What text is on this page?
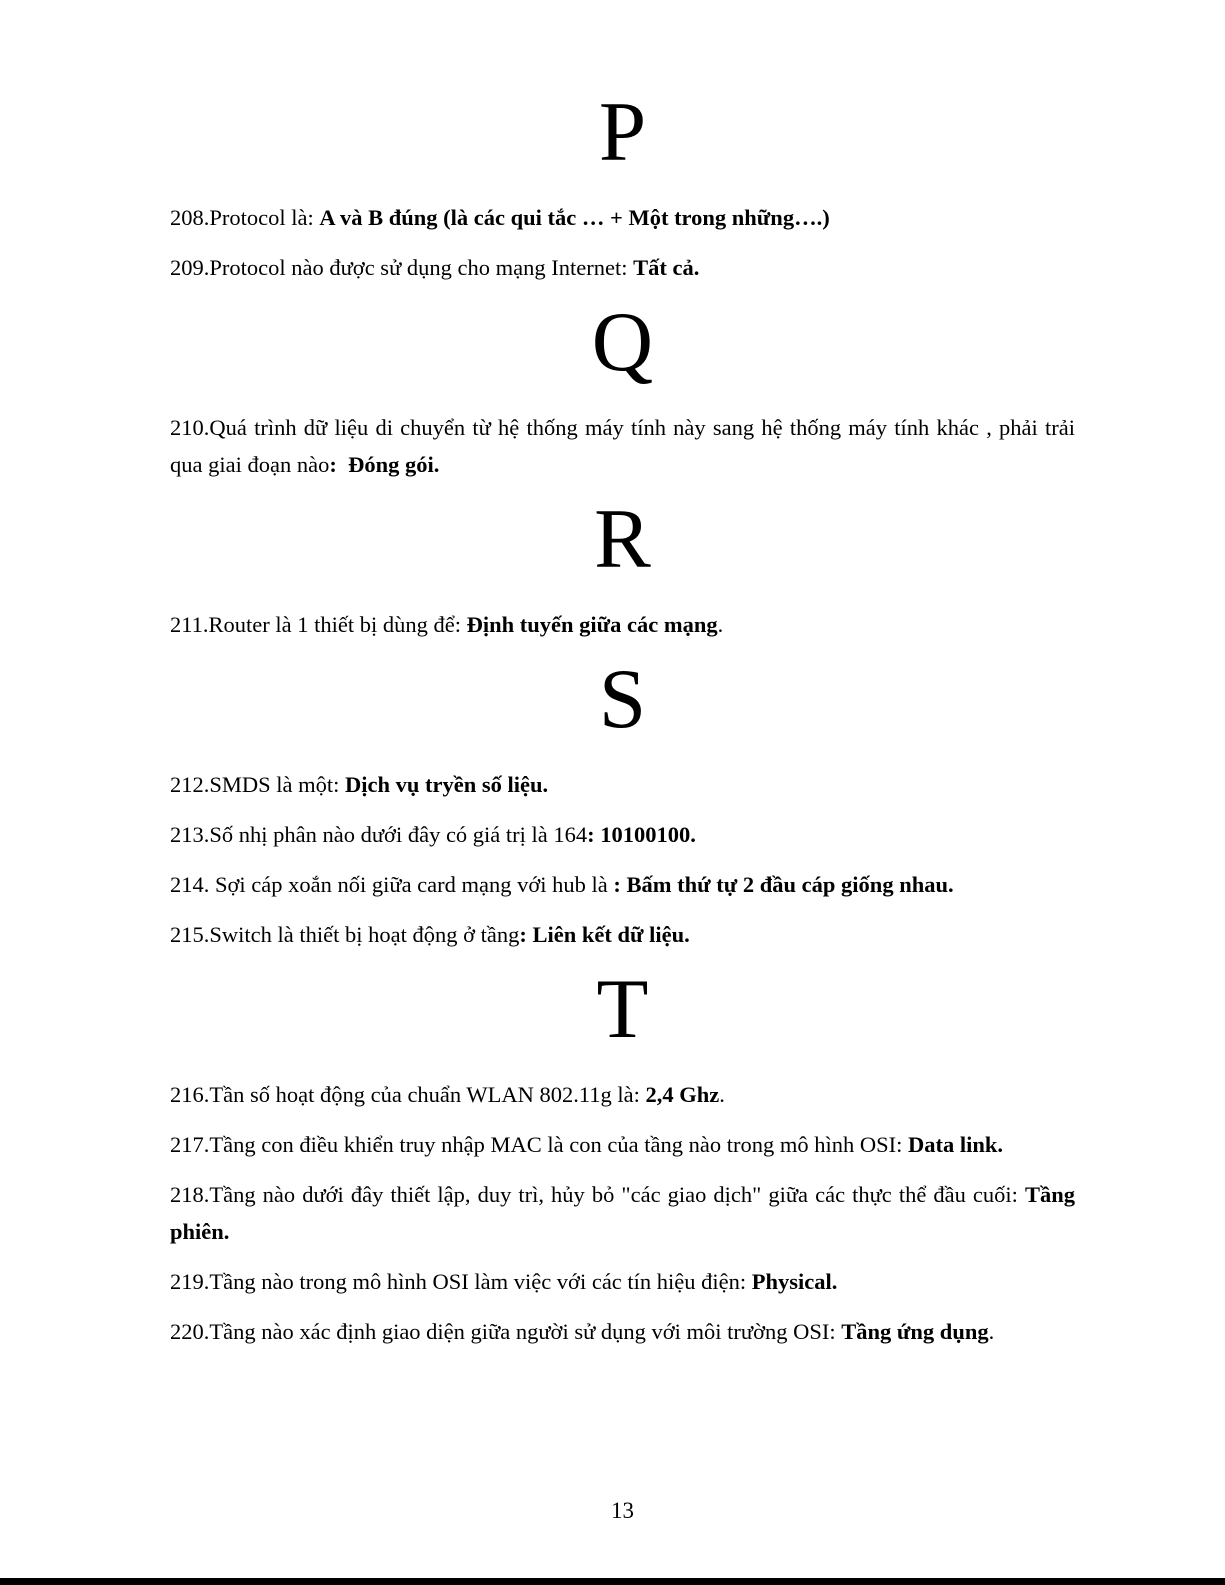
P

208.Protocol là: A và B đúng (là các qui tắc … + Một trong những….)

209.Protocol nào được sử dụng cho mạng Internet: Tất cả.

Q

210.Quá trình dữ liệu di chuyển từ hệ thống máy tính này sang hệ thống máy tính khác , phải trải qua giai đoạn nào:  Đóng gói.

R

211.Router là 1 thiết bị dùng để: Định tuyến giữa các mạng.

S

212.SMDS là một: Dịch vụ tryền số liệu.

213.Số nhị phân nào dưới đây có giá trị là 164: 10100100.

214. Sợi cáp xoắn nối giữa card mạng với hub là : Bấm thứ tự 2 đầu cáp giống nhau.

215.Switch là thiết bị hoạt động ở tầng: Liên kết dữ liệu.

T

216.Tần số hoạt động của chuẩn WLAN 802.11g là: 2,4 Ghz.

217.Tầng con điều khiển truy nhập MAC là con của tầng nào trong mô hình OSI: Data link.

218.Tầng nào dưới đây thiết lập, duy trì, hủy bỏ "các giao dịch" giữa các thực thể đầu cuối: Tầng phiên.

219.Tầng nào trong mô hình OSI làm việc với các tín hiệu điện: Physical.

220.Tầng nào xác định giao diện giữa người sử dụng với môi trường OSI: Tầng ứng dụng.

13
